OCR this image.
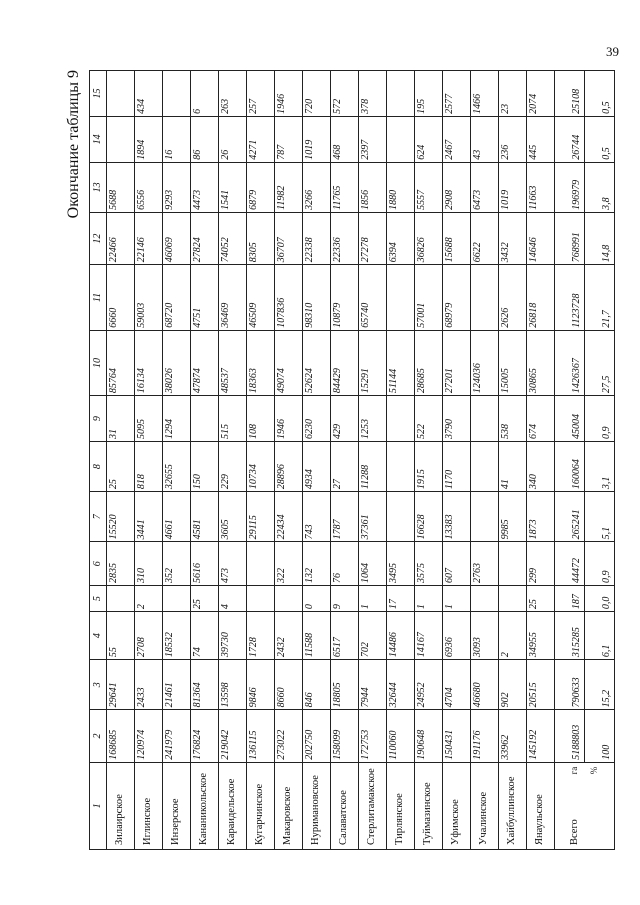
39
Окончание таблицы 9
1	2	3	4	5	6	7	8	9	10	11	12	13	14	15
Зилаирское	168685	29641	55		2835	15520	25	31	85764	6660	22466	5688		
Иглинское	120974	2433	2708	2	310	3441	818	5095	16134	59003	22146	6556	1894	434
Инзерское	241979	21461	18532		352	4661	32655	1294	38026	68720	46069	9293	16	
Кананикольское	176824	81364	74	25	5616	4581	150		47874	4751	27824	4473	86	6
Караидельское	219042	13598	39730	4	473	3605	229	515	48537	36469	74052	1541	26	263
Кугарчинское	136115	9846	1728			29115	10734	108	18363	46509	8305	6879	4271	257
Макаровское	273022	8660	2432		322	22434	28896	1946	49074	107836	36707	11982	787	1946
Нуримановское	202750	846	11588	0	132	743	4934	6230	52624	98310	22338	3266	1019	720
Салаватское	158099	18805	6517	9	76	1787	27	429	84429	10879	22336	11765	468	572
Стерлитамакское	172753	7944	702	1	1064	37361	11288	1253	15291	65740	27278	1856	2397	378
Тирлянское	110060	32644	14486	17	3495				51144		6394	1880		
Туймазинское	190648	24952	14167	1	3575	16628	1915	522	28685	57001	36826	5557	624	195
Уфимское	150431	4704	6936	1	607	13383	1170	3790	27201	68979	15688	2908	2467	2577
Учалинское	191176	46680	3093		2763				124036		6622	6473	43	1466
Хайбуллинское	33962	902	2			9985	41	538	15005	2626	3432	1019	236	23
Янаульское	145192	20515	34955	25	299	1873	340	674	30865	26818	14646	11663	445	2074
Всего
га %	5188803	790633	315285	187	44472	265241	160064	45004	1426367	1123728	768991	196979	26744	25108
	100	15,2	6,1	0,0	0,9	5,1	3,1	0,9	27,5	21,7	14,8	3,8	0,5	0,5
